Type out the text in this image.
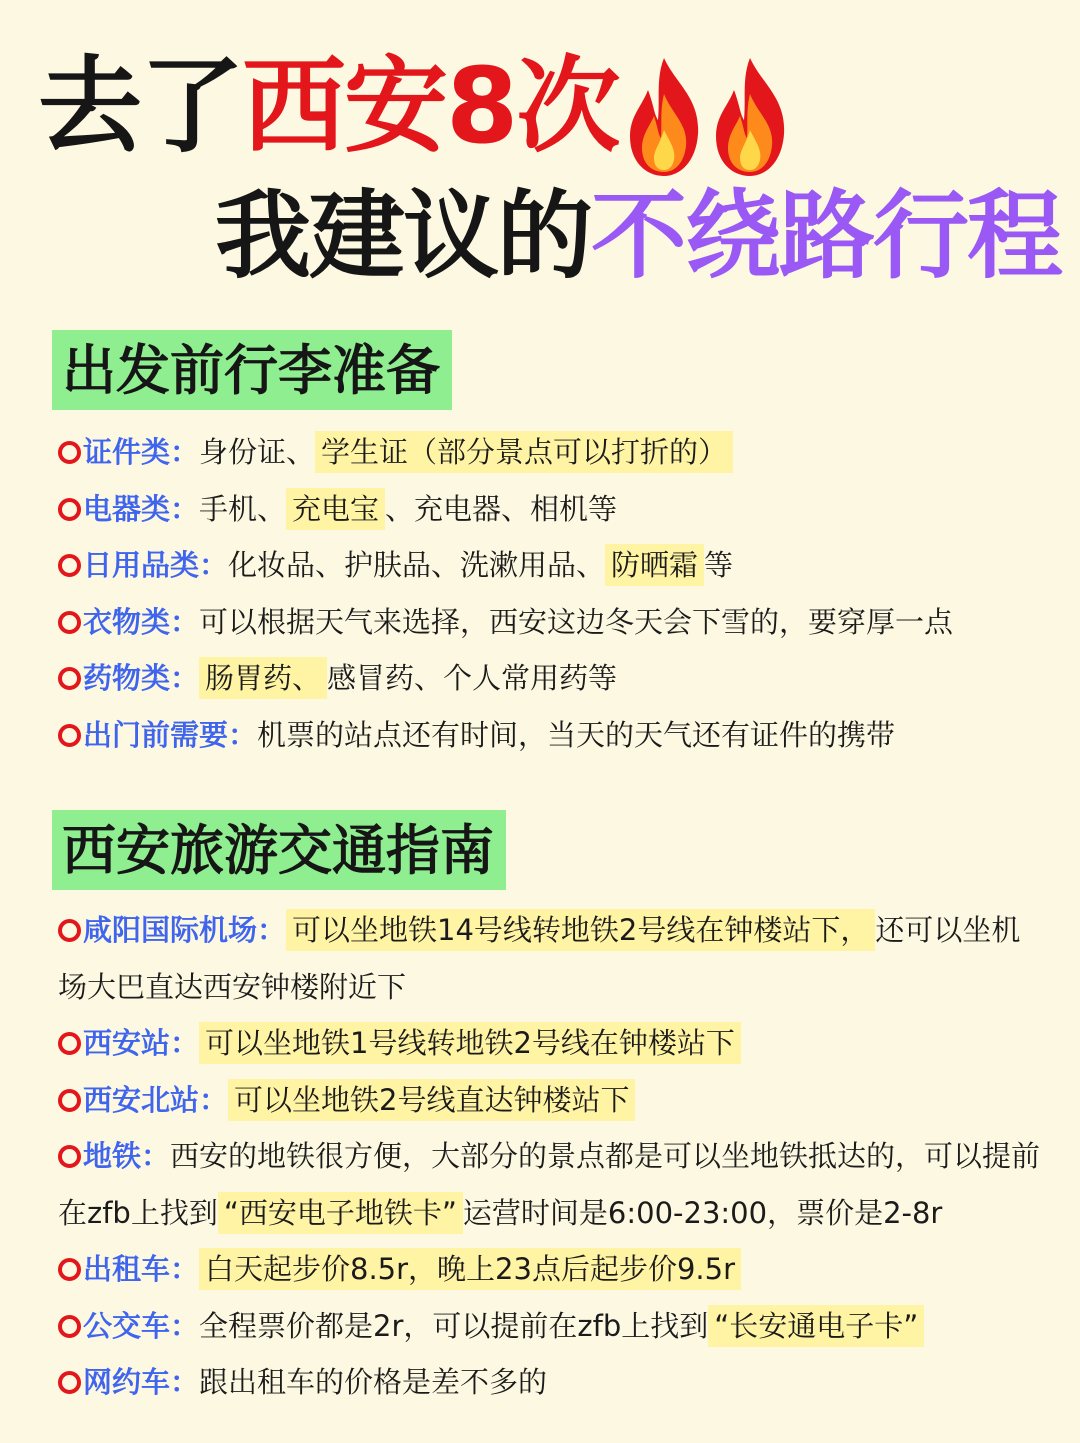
去了西安8次
我建议的不绕路行程
出发前行李准备
证件类：身份证、 学生证（部分景点可以打折的）
电器类：手机、 充电宝 、充电器、相机等
日用品类：化妆品、护肤品、洗漱用品、 防晒霜 等
衣物类：可以根据天气来选择，西安这边冬天会下雪的，要穿厚一点
药物类： 肠胃药、 感冒药、个人常用药等
出门前需要：机票的站点还有时间，当天的天气还有证件的携带
西安旅游交通指南
咸阳国际机场： 可以坐地铁14号线转地铁2号线在钟楼站下， 还可以坐机场大巴直达西安钟楼附近下
西安站： 可以坐地铁1号线转地铁2号线在钟楼站下
西安北站： 可以坐地铁2号线直达钟楼站下
地铁：西安的地铁很方便，大部分的景点都是可以坐地铁抵达的，可以提前在zfb上找到 “西安电子地铁卡” 运营时间是6:00-23:00，票价是2-8r
出租车： 白天起步价8.5r，晚上23点后起步价9.5r
公交车：全程票价都是2r，可以提前在zfb上找到 “长安通电子卡”
网约车：跟出租车的价格是差不多的
